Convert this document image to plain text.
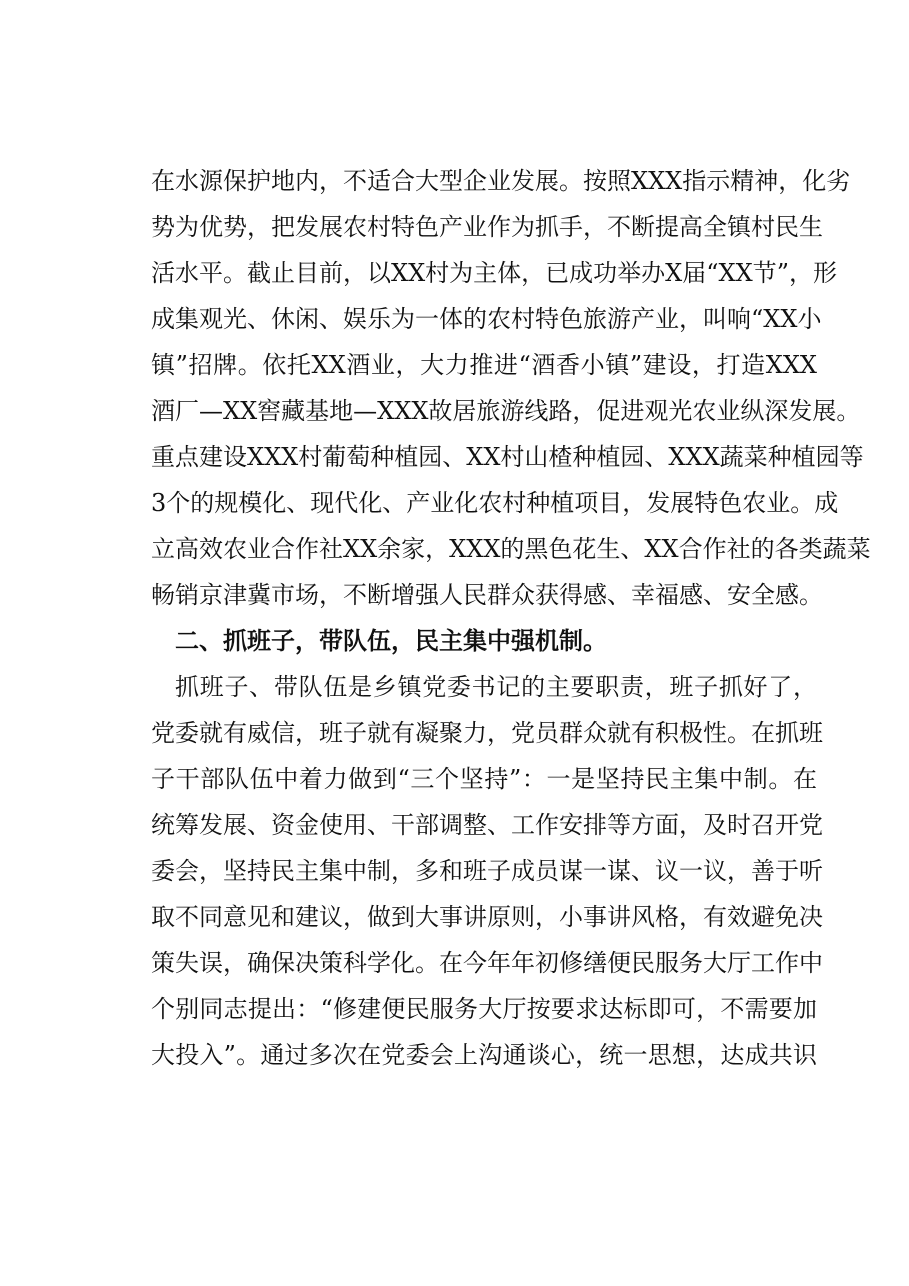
在水源保护地内，不适合大型企业发展。按照XXX指示精神，化劣
势为优势，把发展农村特色产业作为抓手，不断提高全镇村民生
活水平。截止目前，以XX村为主体，已成功举办X届“XX节”，形
成集观光、休闲、娱乐为一体的农村特色旅游产业，叫响“XX小
镇”招牌。依托XX酒业，大力推进“酒香小镇”建设，打造XXX
酒厂—XX窖藏基地—XXX故居旅游线路，促进观光农业纵深发展。
重点建设XXX村葡萄种植园、XX村山楂种植园、XXX蔬菜种植园等
3个的规模化、现代化、产业化农村种植项目，发展特色农业。成
立高效农业合作社XX余家，XXX的黑色花生、XX合作社的各类蔬菜
畅销京津冀市场，不断增强人民群众获得感、幸福感、安全感。
二、抓班子，带队伍，民主集中强机制。
抓班子、带队伍是乡镇党委书记的主要职责，班子抓好了，
党委就有威信，班子就有凝聚力，党员群众就有积极性。在抓班
子干部队伍中着力做到“三个坚持”：一是坚持民主集中制。在
统筹发展、资金使用、干部调整、工作安排等方面，及时召开党
委会，坚持民主集中制，多和班子成员谋一谋、议一议，善于听
取不同意见和建议，做到大事讲原则，小事讲风格，有效避免决
策失误，确保决策科学化。在今年年初修缮便民服务大厅工作中
个别同志提出：“修建便民服务大厅按要求达标即可，不需要加
大投入”。通过多次在党委会上沟通谈心，统一思想，达成共识
